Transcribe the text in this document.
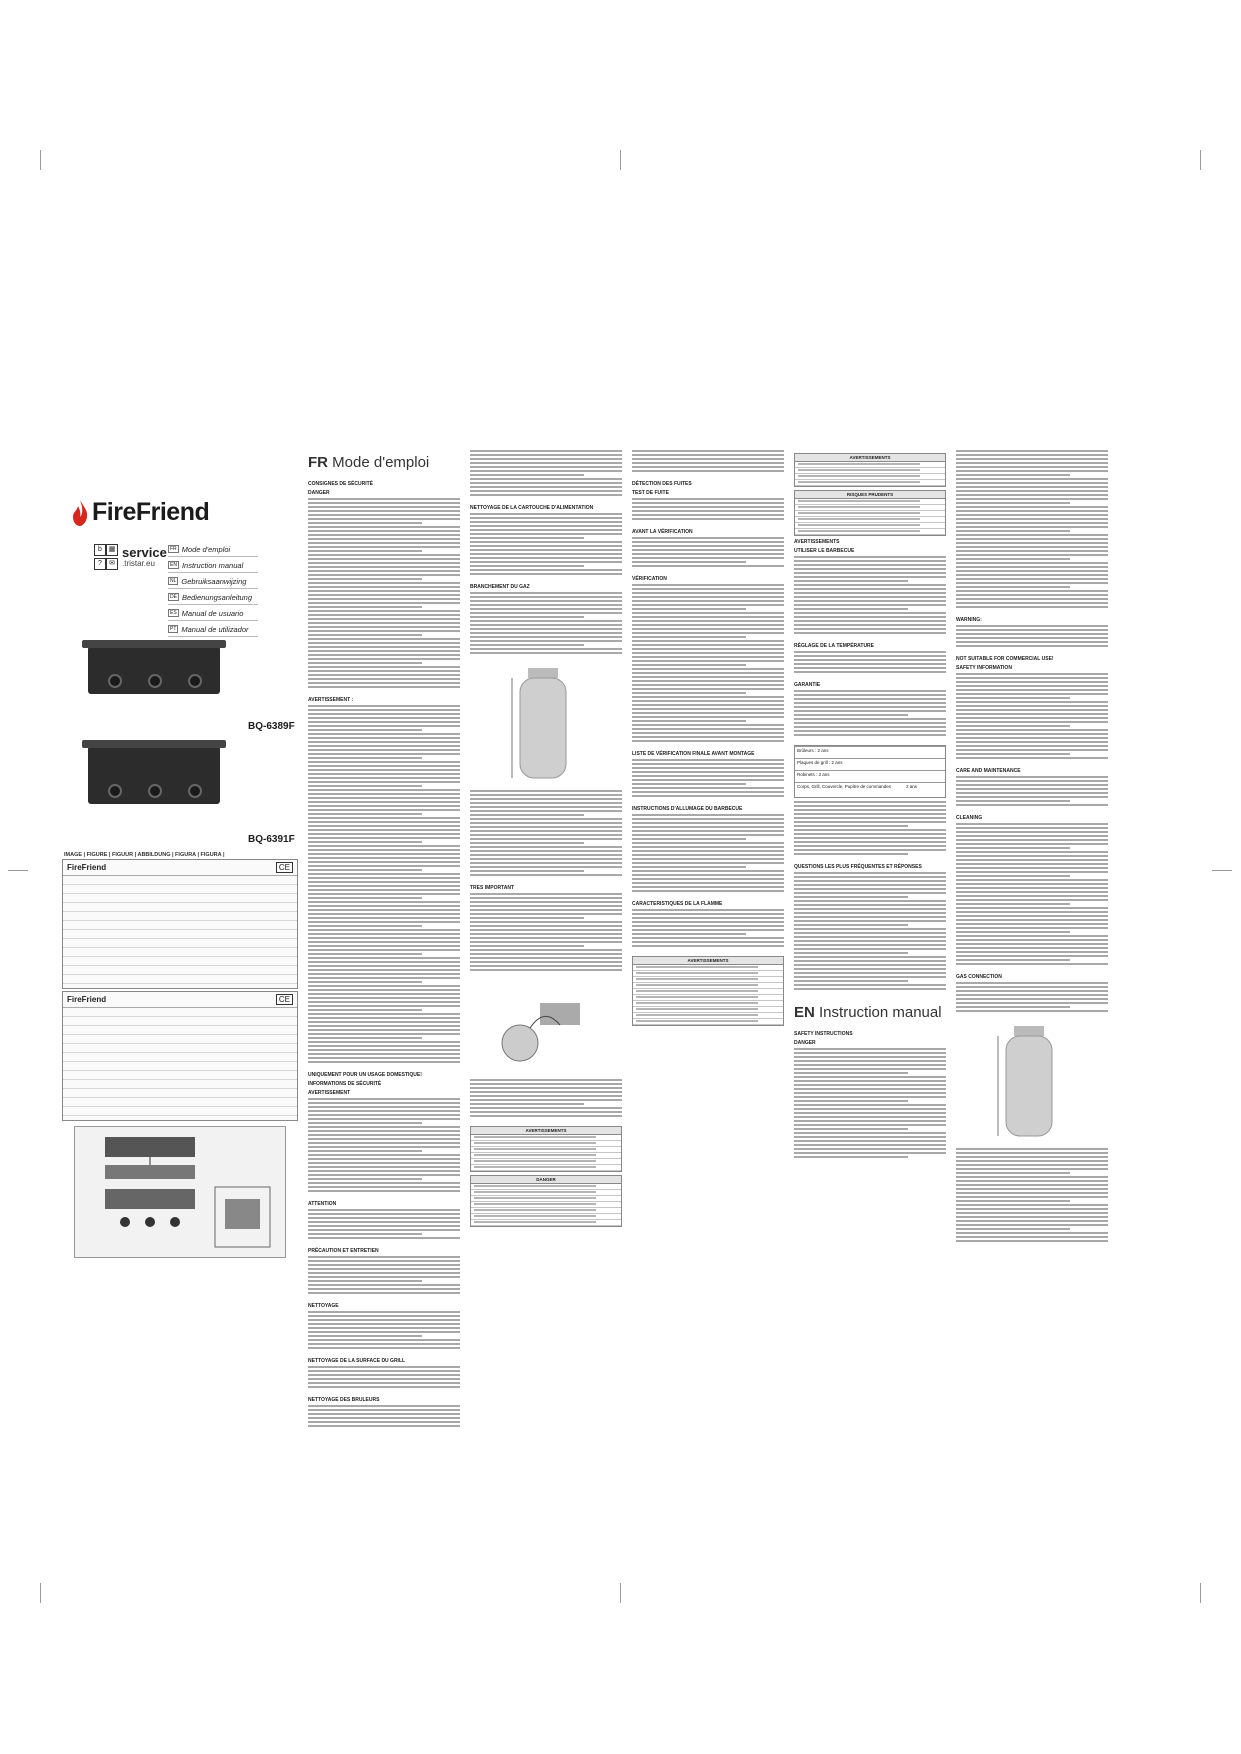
FireFriend
b ▦
?	✉
service
.tristar.eu
FR Mode d'emploi
EN Instruction manual
NL Gebruiksaanwijzing
DE Bedienungsanleitung
ES Manual de usuario
PT Manual de utilizador
BQ-6389F
BQ-6391F
IMAGE | FIGURE | FIGUUR | ABBILDUNG | FIGURA | FIGURA |
FireFriend	CE
FireFriend	CE
FR Mode d'emploi
CONSIGNES DE SÉCURITÉ
DANGER
AVERTISSEMENT :
UNIQUEMENT POUR UN USAGE DOMESTIQUE!
INFORMATIONS DE SÉCURITÉ
AVERTISSEMENT
ATTENTION
PRÉCAUTION ET ENTRETIEN
NETTOYAGE
NETTOYAGE DE LA SURFACE DU GRILL
NETTOYAGE DES BRULEURS
NETTOYAGE DE LA CARTOUCHE D'ALIMENTATION
BRANCHEMENT DU GAZ
TRES IMPORTANT
AVERTISSEMENTS
DANGER
DÉTECTION DES FUITES
TEST DE FUITE
AVANT LA VÉRIFICATION
VÉRIFICATION
LISTE DE VÉRIFICATION FINALE AVANT MONTAGE
INSTRUCTIONS D'ALLUMAGE DU BARBECUE
CARACTERISTIQUES DE LA FLAMME
AVERTISSEMENTS
AVERTISSEMENTS
RISQUES PRUDENTS
AVERTISSEMENTS
UTILISER LE BARBECUE
RÉGLAGE DE LA TEMPÉRATURE
GARANTIE
Brûleurs : 2 ans
Plaques de grill : 2 ans
Robinets : 3 ans
Corps, Grill, Couvercle, Pupitre de commandes	2 ans
QUESTIONS LES PLUS FRÉQUENTES ET RÉPONSES
EN Instruction manual
SAFETY INSTRUCTIONS
DANGER
WARNING:
NOT SUITABLE FOR COMMERCIAL USE!
SAFETY INFORMATION
CARE AND MAINTENANCE
CLEANING
GAS CONNECTION
